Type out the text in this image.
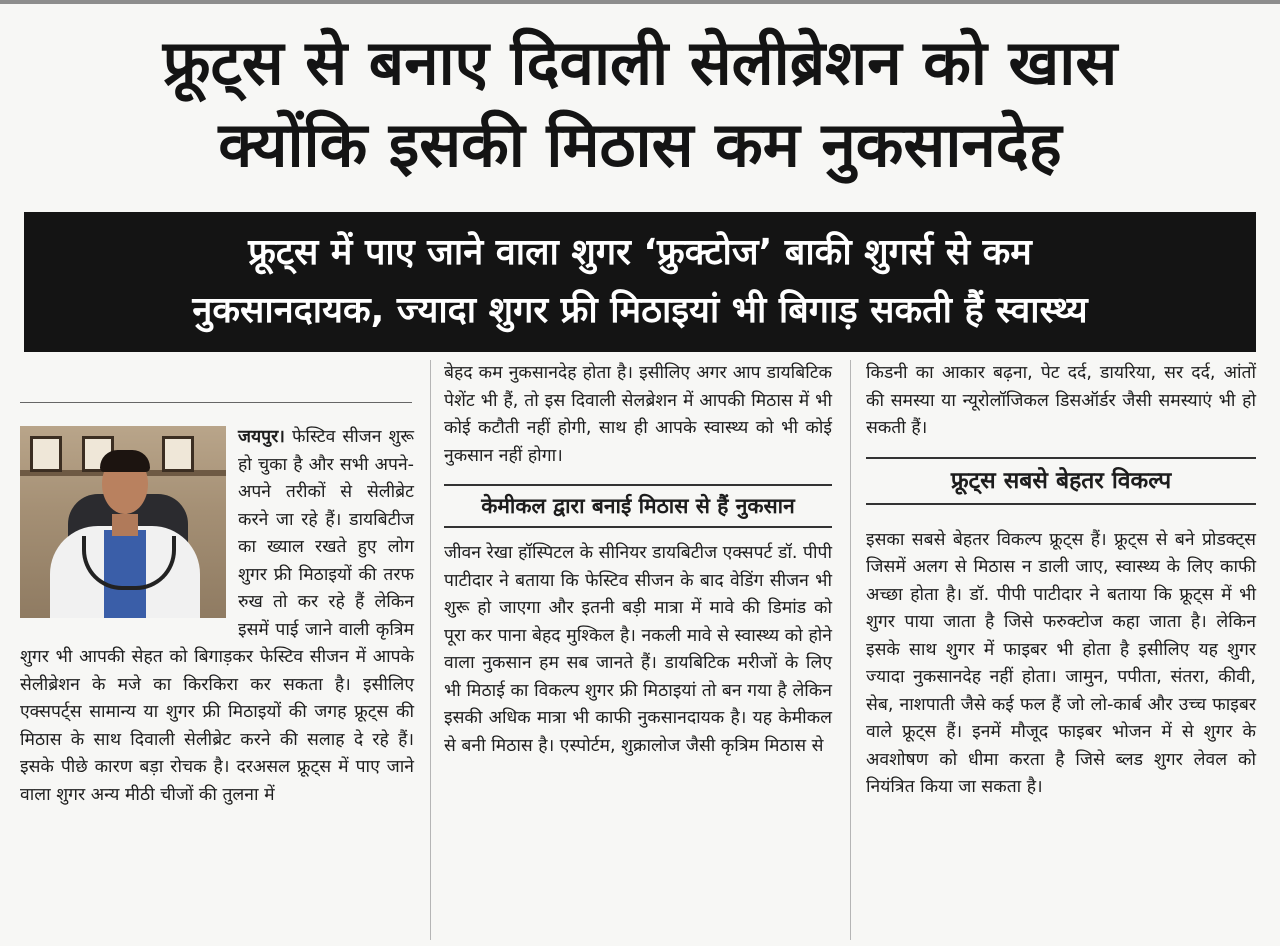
फ्रूट्स से बनाए दिवाली सेलीब्रेशन को खास
क्योंकि इसकी मिठास कम नुकसानदेह
फ्रूट्स में पाए जाने वाला शुगर ‘फ्रुक्टोज’ बाकी शुगर्स से कम
नुकसानदायक, ज्यादा शुगर फ्री मिठाइयां भी बिगाड़ सकती हैं स्वास्थ्य

जयपुर। फेस्टिव सीजन शुरू हो चुका है और सभी अपने-अपने तरीकों से सेलीब्रेट करने जा रहे हैं। डायबिटीज का ख्याल रखते हुए लोग शुगर फ्री मिठाइयों की तरफ रुख तो कर रहे हैं लेकिन इसमें पाई जाने वाली कृत्रिम शुगर भी आपकी सेहत को बिगाड़कर फेस्टिव सीजन में आपके सेलीब्रेशन के मजे का किरकिरा कर सकता है। इसीलिए एक्सपर्ट्स सामान्य या शुगर फ्री मिठाइयों की जगह फ्रूट्स की मिठास के साथ दिवाली सेलीब्रेट करने की सलाह दे रहे हैं। इसके पीछे कारण बड़ा रोचक है। दरअसल फ्रूट्स में पाए जाने वाला शुगर अन्य मीठी चीजों की तुलना में

बेहद कम नुकसानदेह होता है। इसीलिए अगर आप डायबिटिक पेशेंट भी हैं, तो इस दिवाली सेलब्रेशन में आपकी मिठास में भी कोई कटौती नहीं होगी, साथ ही आपके स्वास्थ्य को भी कोई नुकसान नहीं होगा।

केमीकल द्वारा बनाई मिठास से हैं नुकसान

जीवन रेखा हॉस्पिटल के सीनियर डायबिटीज एक्सपर्ट डॉ. पीपी पाटीदार ने बताया कि फेस्टिव सीजन के बाद वेडिंग सीजन भी शुरू हो जाएगा और इतनी बड़ी मात्रा में मावे की डिमांड को पूरा कर पाना बेहद मुश्किल है। नकली मावे से स्वास्थ्य को होने वाला नुकसान हम सब जानते हैं। डायबिटिक मरीजों के लिए भी मिठाई का विकल्प शुगर फ्री मिठाइयां तो बन गया है लेकिन इसकी अधिक मात्रा भी काफी नुकसानदायक है। यह केमीकल से बनी मिठास है। एस्पोर्टम, शुक्रालोज जैसी कृत्रिम मिठास से

किडनी का आकार बढ़ना, पेट दर्द, डायरिया, सर दर्द, आंतों की समस्या या न्यूरोलॉजिकल डिसऑर्डर जैसी समस्याएं भी हो सकती हैं।

फ्रूट्स सबसे बेहतर विकल्प

इसका सबसे बेहतर विकल्प फ्रूट्स हैं। फ्रूट्स से बने प्रोडक्ट्स जिसमें अलग से मिठास न डाली जाए, स्वास्थ्य के लिए काफी अच्छा होता है। डॉ. पीपी पाटीदार ने बताया कि फ्रूट्स में भी शुगर पाया जाता है जिसे फरुक्टोज कहा जाता है। लेकिन इसके साथ शुगर में फाइबर भी होता है इसीलिए यह शुगर ज्यादा नुकसानदेह नहीं होता। जामुन, पपीता, संतरा, कीवी, सेब, नाशपाती जैसे कई फल हैं जो लो-कार्ब और उच्च फाइबर वाले फ्रूट्स हैं। इनमें मौजूद फाइबर भोजन में से शुगर के अवशोषण को धीमा करता है जिसे ब्लड शुगर लेवल को नियंत्रित किया जा सकता है।
